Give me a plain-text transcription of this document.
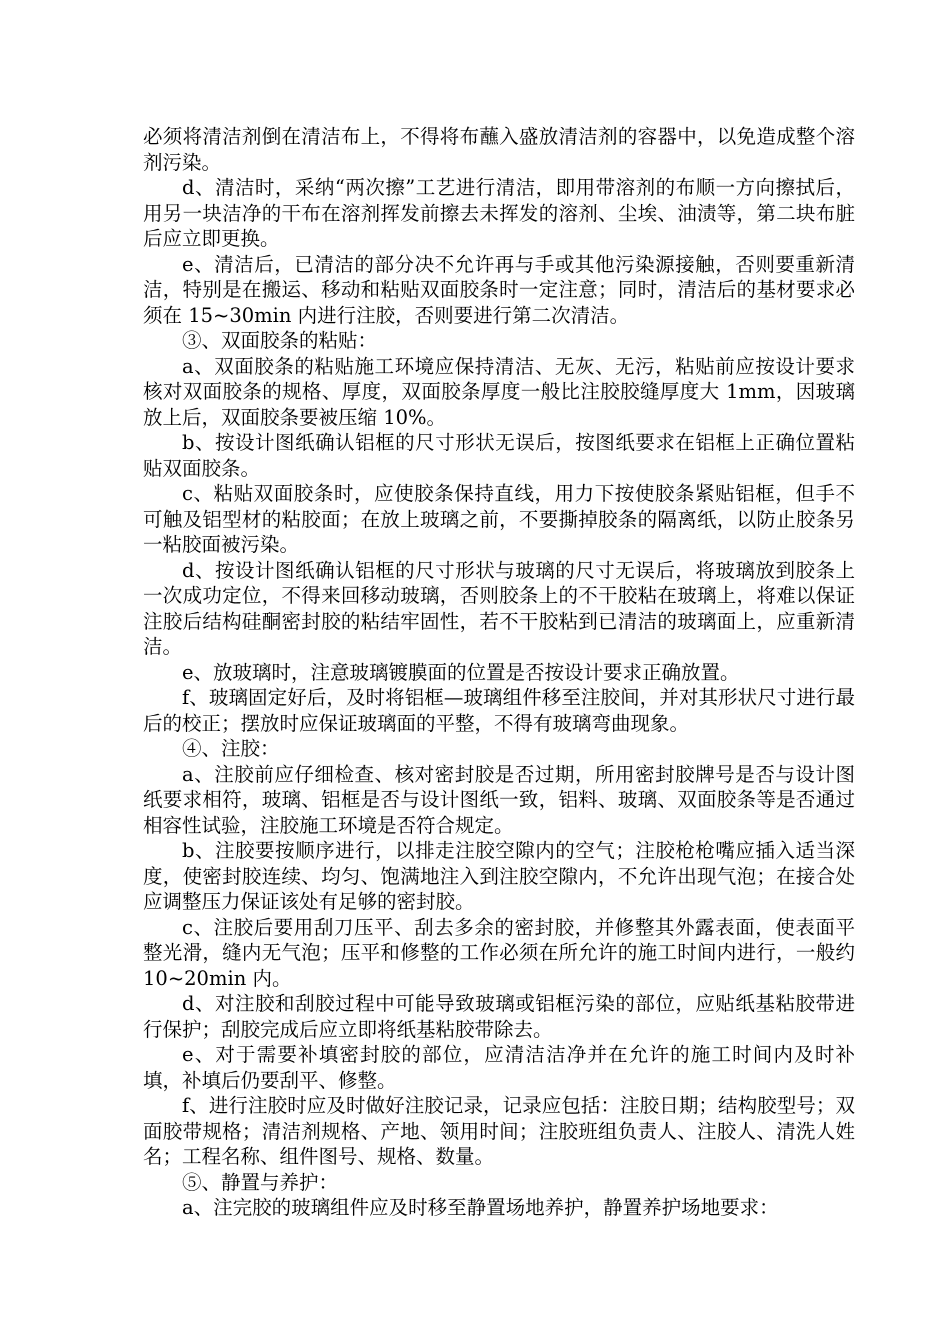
必须将清洁剂倒在清洁布上，不得将布蘸入盛放清洁剂的容器中，以免造成整个溶剂污染。

d、清洁时，采纳“两次擦”工艺进行清洁，即用带溶剂的布顺一方向擦拭后，用另一块洁净的干布在溶剂挥发前擦去未挥发的溶剂、尘埃、油渍等，第二块布脏后应立即更换。

e、清洁后，已清洁的部分决不允许再与手或其他污染源接触，否则要重新清洁，特别是在搬运、移动和粘贴双面胶条时一定注意；同时，清洁后的基材要求必须在 15~30min 内进行注胶，否则要进行第二次清洁。

③、双面胶条的粘贴：

a、双面胶条的粘贴施工环境应保持清洁、无灰、无污，粘贴前应按设计要求核对双面胶条的规格、厚度，双面胶条厚度一般比注胶胶缝厚度大 1mm，因玻璃放上后，双面胶条要被压缩 10%。

b、按设计图纸确认铝框的尺寸形状无误后，按图纸要求在铝框上正确位置粘贴双面胶条。

c、粘贴双面胶条时，应使胶条保持直线，用力下按使胶条紧贴铝框，但手不可触及铝型材的粘胶面；在放上玻璃之前，不要撕掉胶条的隔离纸，以防止胶条另一粘胶面被污染。

d、按设计图纸确认铝框的尺寸形状与玻璃的尺寸无误后，将玻璃放到胶条上一次成功定位，不得来回移动玻璃，否则胶条上的不干胶粘在玻璃上，将难以保证注胶后结构硅酮密封胶的粘结牢固性，若不干胶粘到已清洁的玻璃面上，应重新清洁。

e、放玻璃时，注意玻璃镀膜面的位置是否按设计要求正确放置。

f、玻璃固定好后，及时将铝框—玻璃组件移至注胶间，并对其形状尺寸进行最后的校正；摆放时应保证玻璃面的平整，不得有玻璃弯曲现象。

④、注胶：

a、注胶前应仔细检查、核对密封胶是否过期，所用密封胶牌号是否与设计图纸要求相符，玻璃、铝框是否与设计图纸一致，铝料、玻璃、双面胶条等是否通过相容性试验，注胶施工环境是否符合规定。

b、注胶要按顺序进行，以排走注胶空隙内的空气；注胶枪枪嘴应插入适当深度，使密封胶连续、均匀、饱满地注入到注胶空隙内，不允许出现气泡；在接合处应调整压力保证该处有足够的密封胶。

c、注胶后要用刮刀压平、刮去多余的密封胶，并修整其外露表面，使表面平整光滑，缝内无气泡；压平和修整的工作必须在所允许的施工时间内进行，一般约 10~20min 内。

d、对注胶和刮胶过程中可能导致玻璃或铝框污染的部位，应贴纸基粘胶带进行保护；刮胶完成后应立即将纸基粘胶带除去。

e、对于需要补填密封胶的部位，应清洁洁净并在允许的施工时间内及时补填，补填后仍要刮平、修整。

f、进行注胶时应及时做好注胶记录，记录应包括：注胶日期；结构胶型号；双面胶带规格；清洁剂规格、产地、领用时间；注胶班组负责人、注胶人、清洗人姓名；工程名称、组件图号、规格、数量。

⑤、静置与养护：

a、注完胶的玻璃组件应及时移至静置场地养护，静置养护场地要求：
